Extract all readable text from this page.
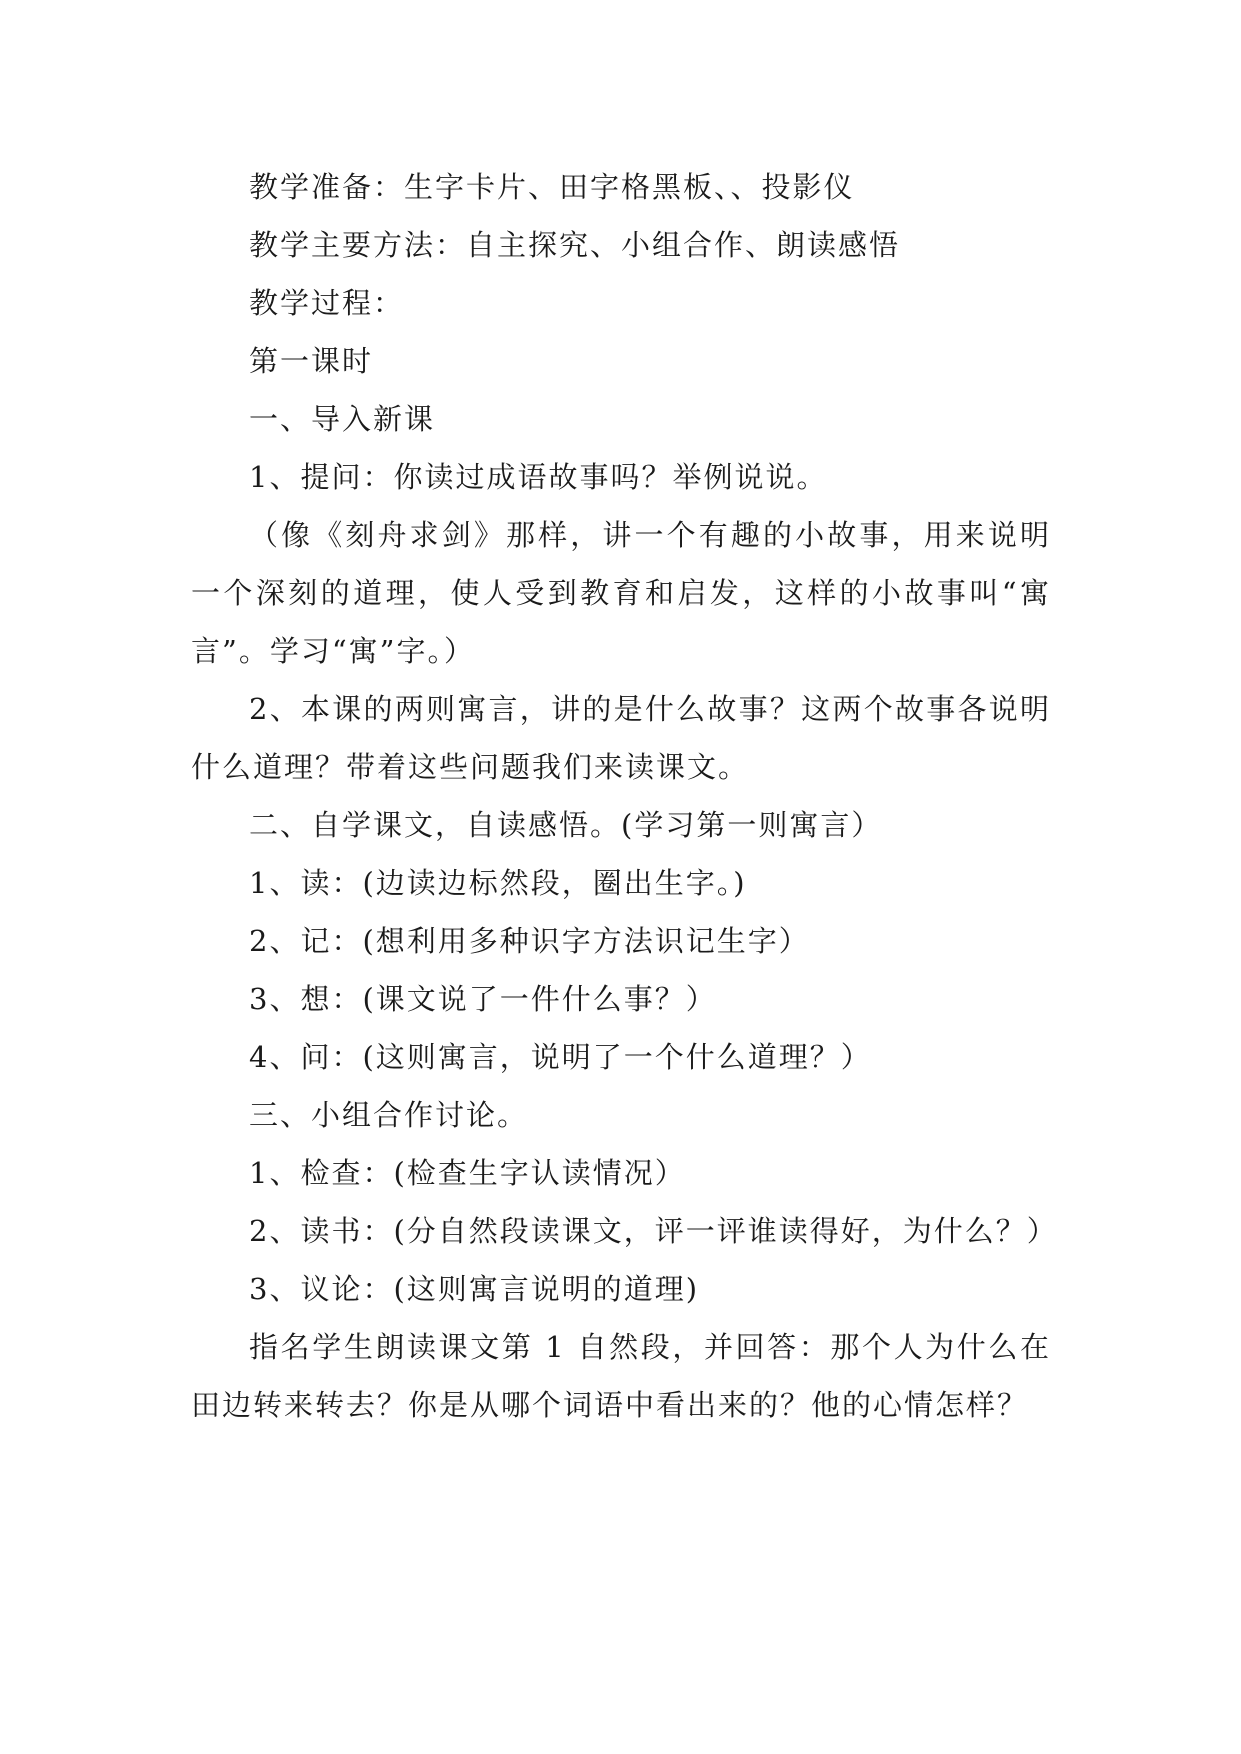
教学准备：生字卡片、田字格黑板、、投影仪

教学主要方法：自主探究、小组合作、朗读感悟

教学过程：

第一课时

一、导入新课

1、提问：你读过成语故事吗？举例说说。

（像《刻舟求剑》那样，讲一个有趣的小故事，用来说明一个深刻的道理，使人受到教育和启发，这样的小故事叫“寓言”。学习“寓”字。）

2、本课的两则寓言，讲的是什么故事？这两个故事各说明什么道理？带着这些问题我们来读课文。

二、自学课文，自读感悟。(学习第一则寓言）

1、读：(边读边标然段，圈出生字。)

2、记：(想利用多种识字方法识记生字）

3、想：(课文说了一件什么事？）

4、问：(这则寓言，说明了一个什么道理？）

三、小组合作讨论。

1、检查：(检查生字认读情况）

2、读书：(分自然段读课文，评一评谁读得好，为什么？）

3、议论：(这则寓言说明的道理)

指名学生朗读课文第 1 自然段，并回答：那个人为什么在田边转来转去？你是从哪个词语中看出来的？他的心情怎样？
